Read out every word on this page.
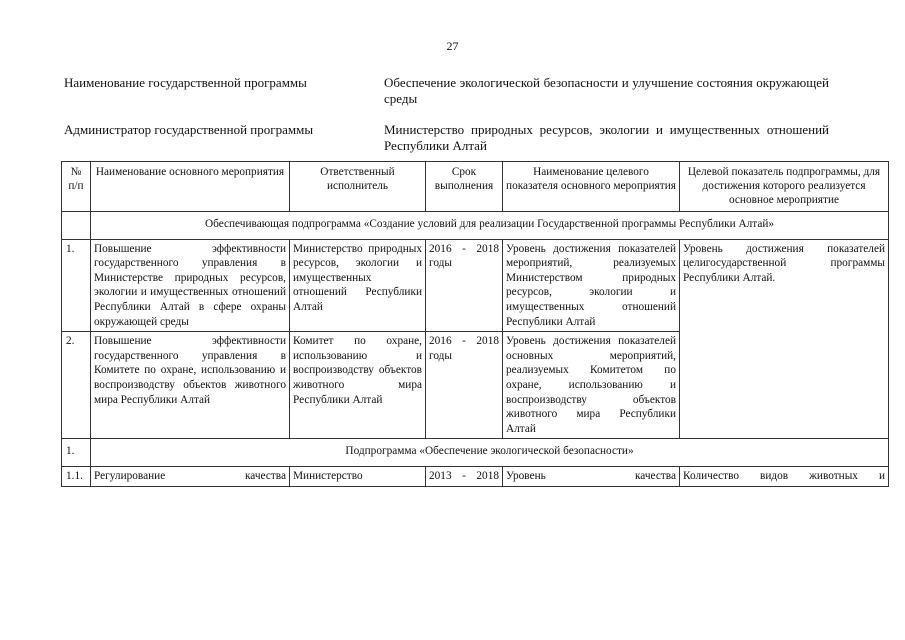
27
Наименование государственной программы	Обеспечение экологической безопасности и улучшение состояния окружающей среды
Администратор государственной программы	Министерство природных ресурсов, экологии и имущественных отношений Республики Алтай
№ п/п	Наименование основного мероприятия	Ответственный исполнитель	Срок выполнения	Наименование целевого показателя основного мероприятия	Целевой показатель подпрограммы, для достижения которого реализуется основное мероприятие
	Обеспечивающая подпрограмма «Создание условий для реализации Государственной программы Республики Алтай»				
1.	Повышение эффективности государственного управления в Министерстве природных ресурсов, экологии и имущественных отношений Республики Алтай в сфере охраны окружающей среды	Министерство природных ресурсов, экологии и имущественных отношений Республики Алтай	2016 - 2018 годы	Уровень достижения показателей мероприятий, реализуемых Министерством природных ресурсов, экологии и имущественных отношений Республики Алтай	Уровень достижения показателей целигосударственной программы Республики Алтай.
2.	Повышение эффективности государственного управления в Комитете по охране, использованию и воспроизводству объектов животного мира Республики Алтай	Комитет по охране, использованию и воспроизводству объектов животного мира Республики Алтай	2016 - 2018 годы	Уровень достижения показателей основных мероприятий, реализуемых Комитетом по охране, использованию и воспроизводству объектов животного мира Республики Алтай	
1.	Подпрограмма «Обеспечение экологической безопасности»				
1.1.	Регулирование качества	Министерство	2013 - 2018	Уровень качества	Количество видов животных и
